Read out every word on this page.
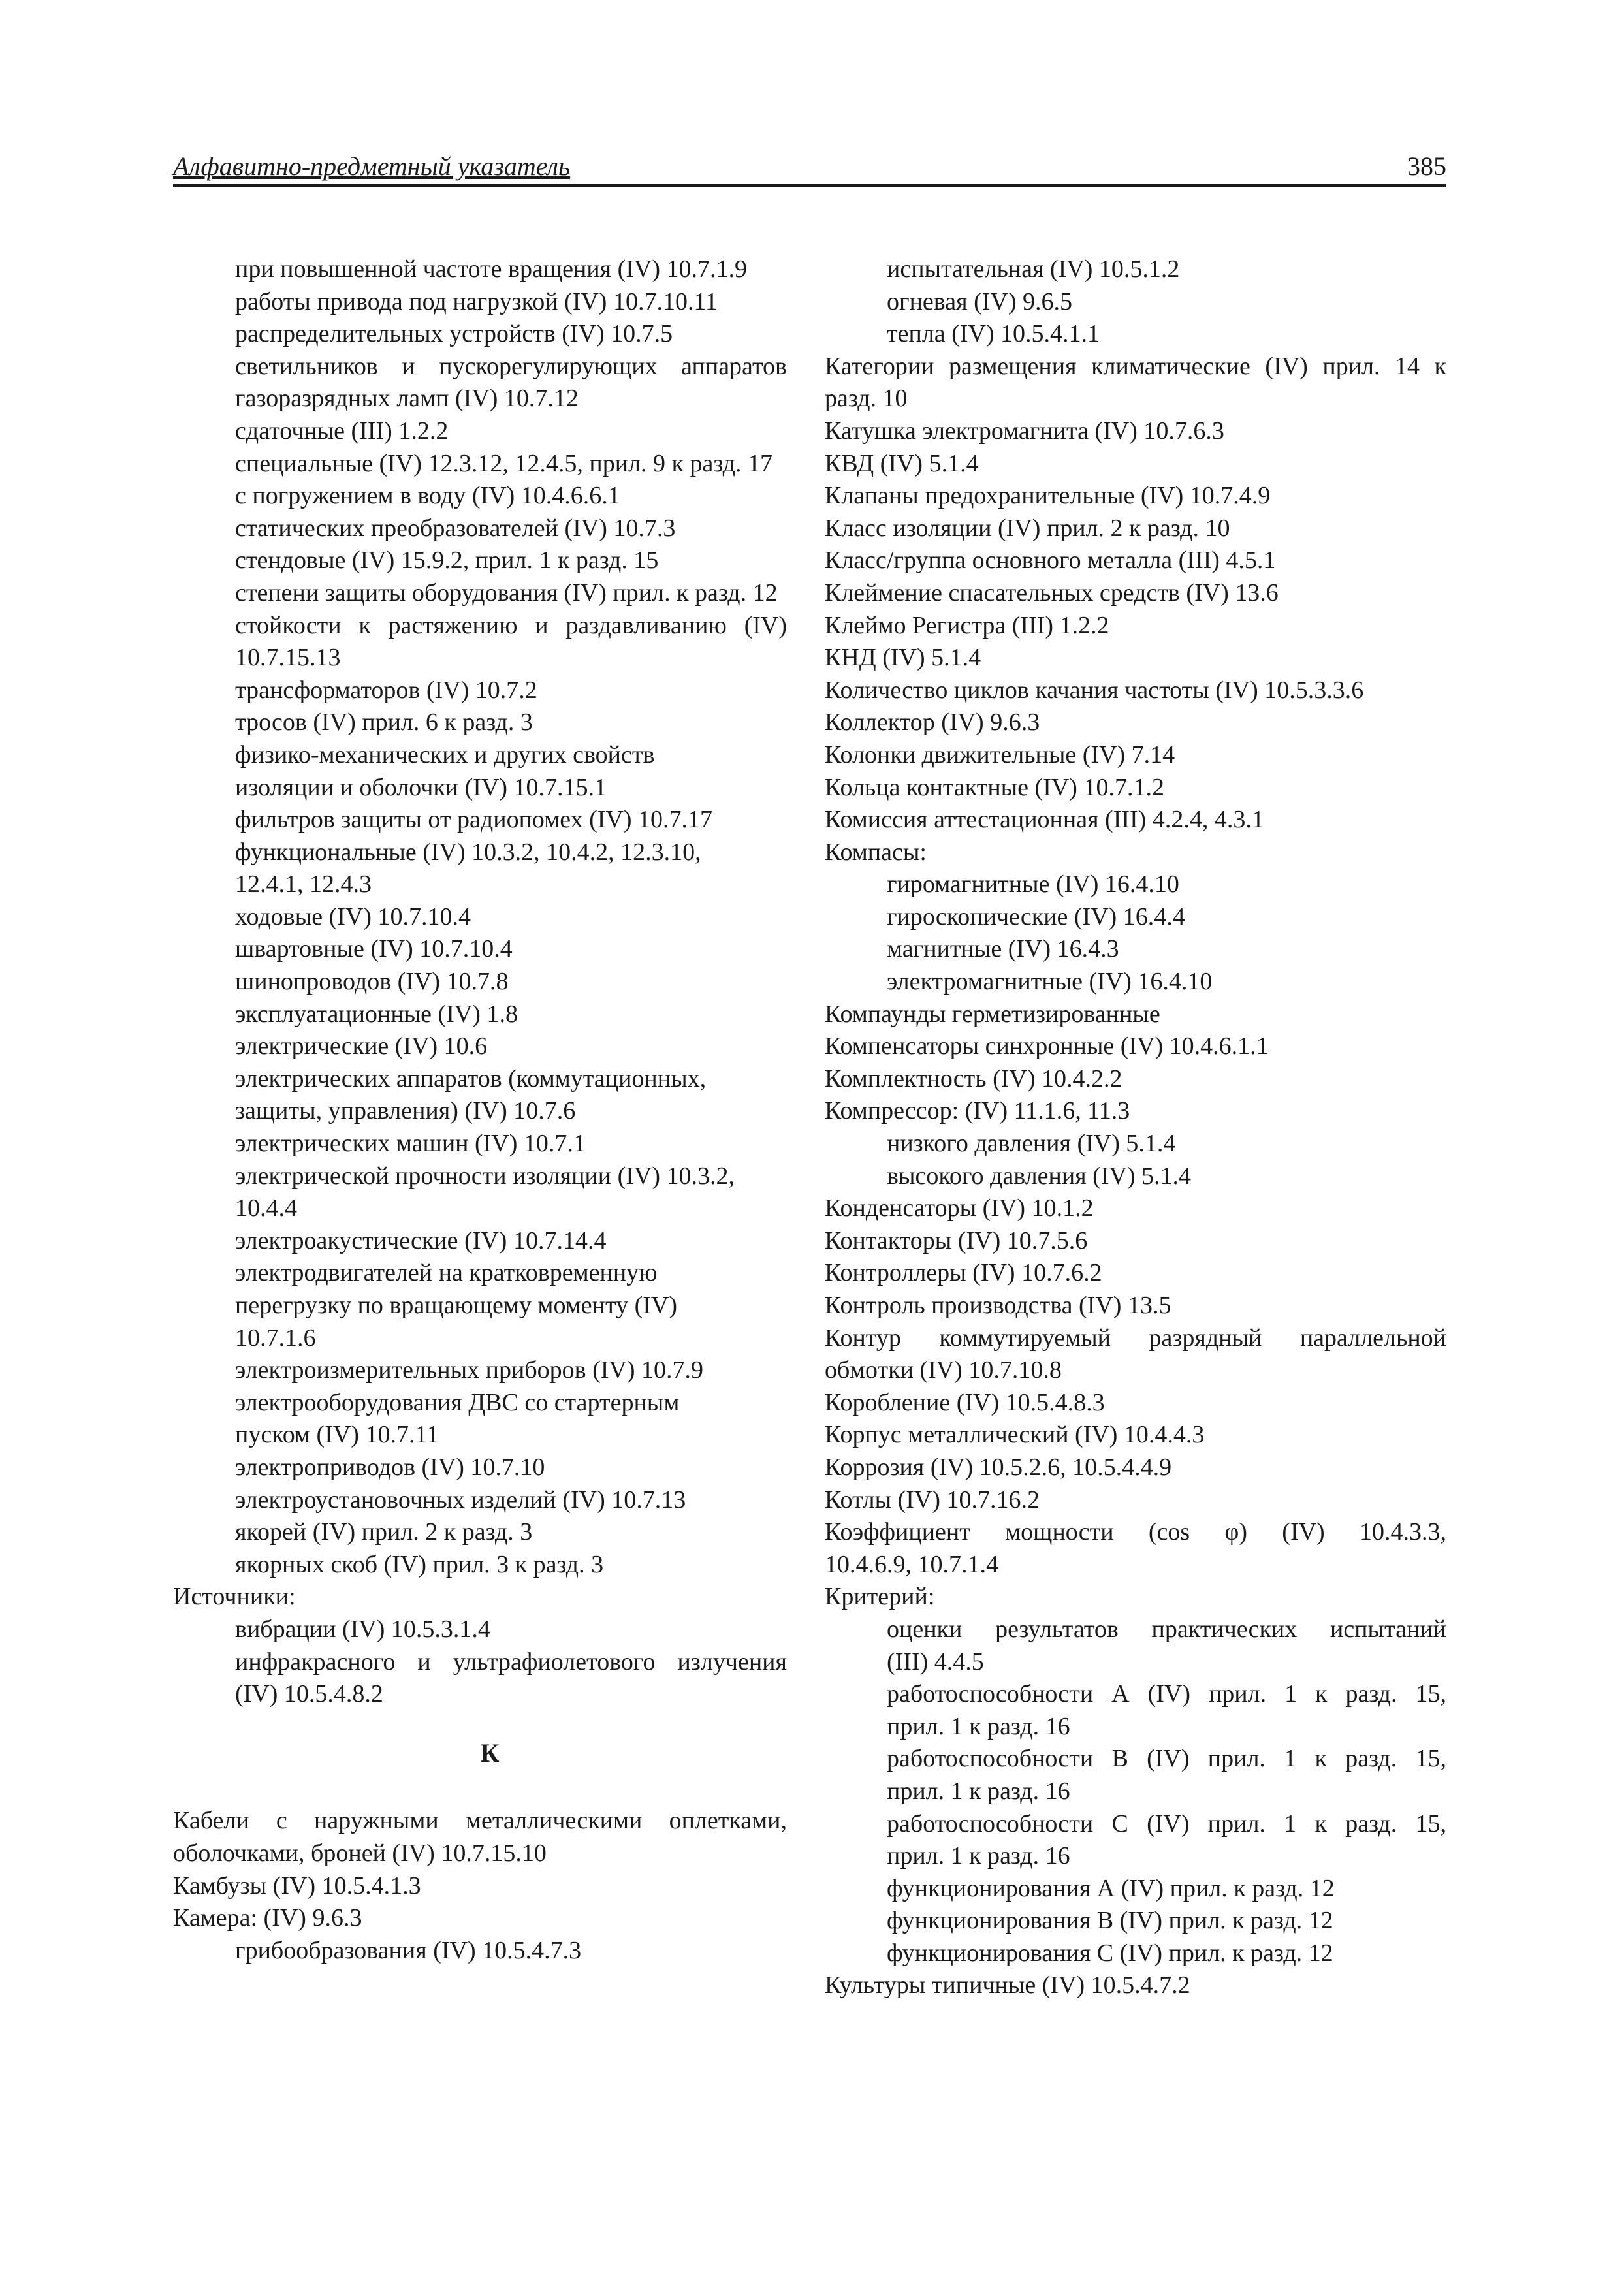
Алфавитно-предметный указатель	385
при повышенной частоте вращения (IV) 10.7.1.9
работы привода под нагрузкой (IV) 10.7.10.11
распределительных устройств (IV) 10.7.5
светильников и пускорегулирующих аппаратов
газоразрядных ламп (IV) 10.7.12
сдаточные (III) 1.2.2
специальные (IV) 12.3.12, 12.4.5, прил. 9 к разд. 17
с погружением в воду (IV) 10.4.6.6.1
статических преобразователей (IV) 10.7.3
стендовые (IV) 15.9.2, прил. 1 к разд. 15
степени защиты оборудования (IV) прил. к разд. 12
стойкости к растяжению и раздавливанию (IV)
10.7.15.13
трансформаторов (IV) 10.7.2
тросов (IV) прил. 6 к разд. 3
физико-механических и других свойств
изоляции и оболочки (IV) 10.7.15.1
фильтров защиты от радиопомех (IV) 10.7.17
функциональные (IV) 10.3.2, 10.4.2, 12.3.10,
12.4.1, 12.4.3
ходовые (IV) 10.7.10.4
швартовные (IV) 10.7.10.4
шинопроводов (IV) 10.7.8
эксплуатационные (IV) 1.8
электрические (IV) 10.6
электрических аппаратов (коммутационных,
защиты, управления) (IV) 10.7.6
электрических машин (IV) 10.7.1
электрической прочности изоляции (IV) 10.3.2,
10.4.4
электроакустические (IV) 10.7.14.4
электродвигателей на кратковременную
перегрузку по вращающему моменту (IV)
10.7.1.6
электроизмерительных приборов (IV) 10.7.9
электрооборудования ДВС со стартерным
пуском (IV) 10.7.11
электроприводов (IV) 10.7.10
электроустановочных изделий (IV) 10.7.13
якорей (IV) прил. 2 к разд. 3
якорных скоб (IV) прил. 3 к разд. 3
Источники:
вибрации (IV) 10.5.3.1.4
инфракрасного и ультрафиолетового излучения
(IV) 10.5.4.8.2
К
Кабели с наружными металлическими оплетками,
оболочками, броней (IV) 10.7.15.10
Камбузы (IV) 10.5.4.1.3
Камера: (IV) 9.6.3
грибообразования (IV) 10.5.4.7.3
испытательная (IV) 10.5.1.2
огневая (IV) 9.6.5
тепла (IV) 10.5.4.1.1
Категории размещения климатические (IV) прил. 14 к
разд. 10
Катушка электромагнита (IV) 10.7.6.3
КВД (IV) 5.1.4
Клапаны предохранительные (IV) 10.7.4.9
Класс изоляции (IV) прил. 2 к разд. 10
Класс/группа основного металла (III) 4.5.1
Клеймение спасательных средств (IV) 13.6
Клеймо Регистра (III) 1.2.2
КНД (IV) 5.1.4
Количество циклов качания частоты (IV) 10.5.3.3.6
Коллектор (IV) 9.6.3
Колонки движительные (IV) 7.14
Кольца контактные (IV) 10.7.1.2
Комиссия аттестационная (III) 4.2.4, 4.3.1
Компасы:
гиромагнитные (IV) 16.4.10
гироскопические (IV) 16.4.4
магнитные (IV) 16.4.3
электромагнитные (IV) 16.4.10
Компаунды герметизированные
Компенсаторы синхронные (IV) 10.4.6.1.1
Комплектность (IV) 10.4.2.2
Компрессор: (IV) 11.1.6, 11.3
низкого давления (IV) 5.1.4
высокого давления (IV) 5.1.4
Конденсаторы (IV) 10.1.2
Контакторы (IV) 10.7.5.6
Контроллеры (IV) 10.7.6.2
Контроль производства (IV) 13.5
Контур коммутируемый разрядный параллельной
обмотки (IV) 10.7.10.8
Коробление (IV) 10.5.4.8.3
Корпус металлический (IV) 10.4.4.3
Коррозия (IV) 10.5.2.6, 10.5.4.4.9
Котлы (IV) 10.7.16.2
Коэффициент мощности (cos φ) (IV) 10.4.3.3,
10.4.6.9, 10.7.1.4
Критерий:
оценки результатов практических испытаний
(III) 4.4.5
работоспособности А (IV) прил. 1 к разд. 15,
прил. 1 к разд. 16
работоспособности В (IV) прил. 1 к разд. 15,
прил. 1 к разд. 16
работоспособности С (IV) прил. 1 к разд. 15,
прил. 1 к разд. 16
функционирования А (IV) прил. к разд. 12
функционирования В (IV) прил. к разд. 12
функционирования С (IV) прил. к разд. 12
Культуры типичные (IV) 10.5.4.7.2
